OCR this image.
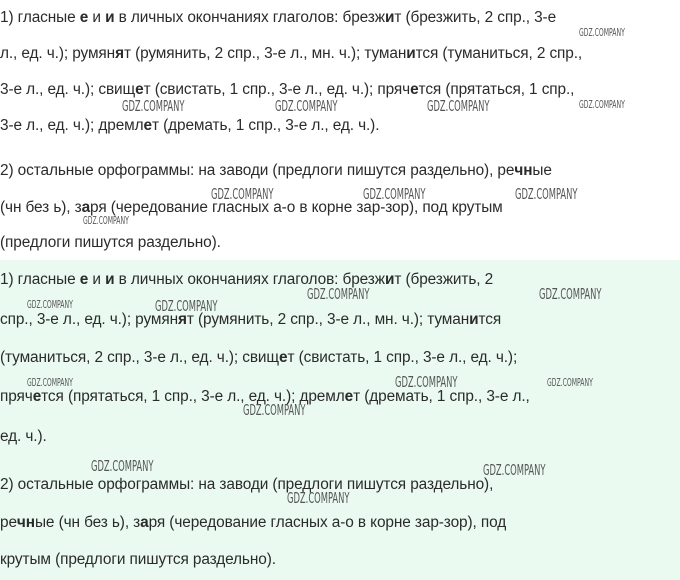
1) гласные е и и в личных окончаниях глаголов: брезжит (брезжить, 2 спр., 3-е
л., ед. ч.); румянят (румянить, 2 спр., 3-е л., мн. ч.); туманится (туманиться, 2 спр.,
3-е л., ед. ч.); свищет (свистать, 1 спр., 3-е л., ед. ч.); прячется (прятаться, 1 спр.,
3-е л., ед. ч.); дремлет (дремать, 1 спр., 3-е л., ед. ч.).
2) остальные орфограммы: на заводи (предлоги пишутся раздельно), речные
(чн без ь), заря (чередование гласных а-о в корне зар-зор), под крутым
(предлоги пишутся раздельно).
1) гласные е и и в личных окончаниях глаголов: брезжит (брезжить, 2
спр., 3-е л., ед. ч.); румянят (румянить, 2 спр., 3-е л., мн. ч.); туманится
(туманиться, 2 спр., 3-е л., ед. ч.); свищет (свистать, 1 спр., 3-е л., ед. ч.);
прячется (прятаться, 1 спр., 3-е л., ед. ч.); дремлет (дремать, 1 спр., 3-е л.,
ед. ч.).
2) остальные орфограммы: на заводи (предлоги пишутся раздельно),
речные (чн без ь), заря (чередование гласных а-о в корне зар-зор), под
крутым (предлоги пишутся раздельно).
GDZ.COMPANY
GDZ.COMPANY	GDZ.COMPANY	GDZ.COMPANY	GDZ.COMPANY
GDZ.COMPANY	GDZ.COMPANY	GDZ.COMPANY
GDZ.COMPANY
GDZ.COMPANY	GDZ.COMPANY
GDZ.COMPANY	GDZ.COMPANY
GDZ.COMPANY
GDZ.COMPANY	GDZ.COMPANY
GDZ.COMPANY
GDZ.COMPANY	GDZ.COMPANY
GDZ.COMPANY
